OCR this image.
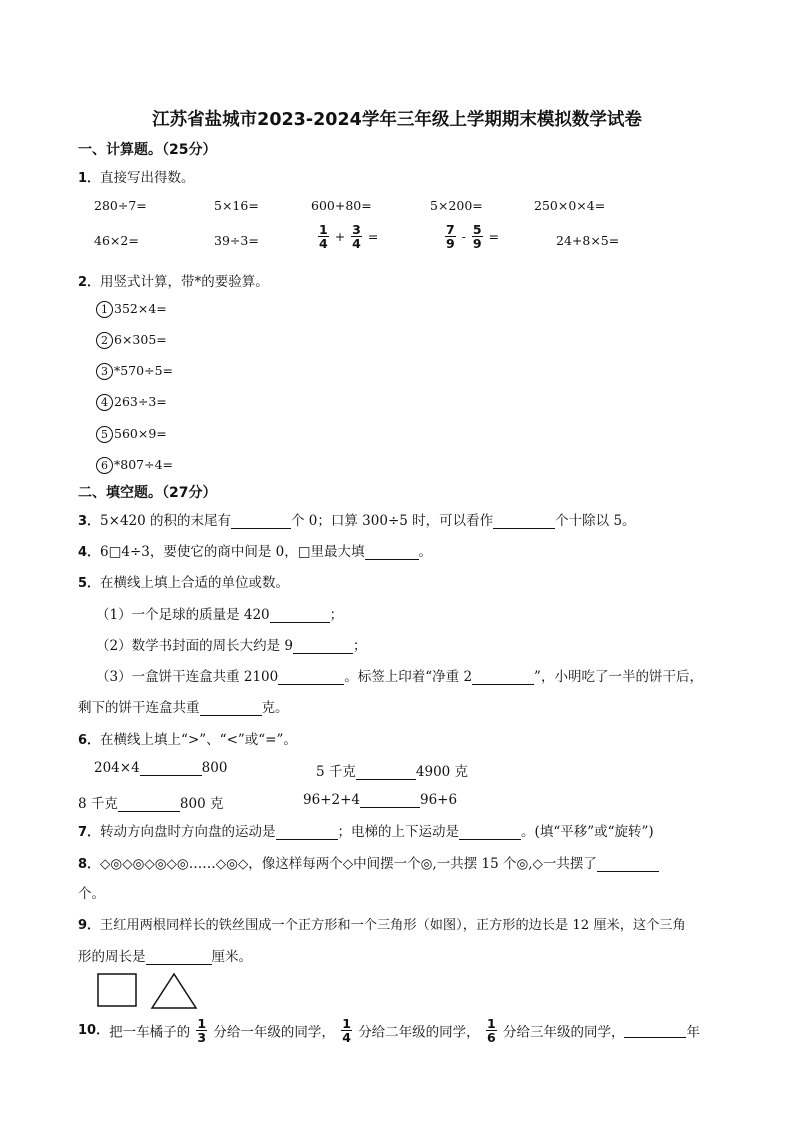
江苏省盐城市2023-2024学年三年级上学期期末模拟数学试卷
一、计算题。（25分）
1．直接写出得数。
280÷7=	5×16=	600+80=	5×200=	250×0×4=
46×2=	39÷3=	$\frac{1}{4} + \frac{3}{4}$ =	$\frac{7}{9} - \frac{5}{9}$ =	24+8×5=
2．用竖式计算，带*的要验算。
1 352×4=
2 6×305=
3 *570÷5=
4 263÷3=
5 560×9=
6 *807÷4=
二、填空题。（27分）
3．5×420 的积的末尾有	个 0；口算 300÷5 时，可以看作	个十除以 5。
4．6□4÷3，要使它的商中间是 0，□里最大填	。
5．在横线上填上合适的单位或数。
（1）一个足球的质量是 420	；
（2）数学书封面的周长大约是 9	；
（3）一盒饼干连盒共重 2100	。标签上印着“净重 2	”，小明吃了一半的饼干后，
剩下的饼干连盒共重	克。
6．在横线上填上“>”、“<”或“=”。
204×4	800	5 千克	4900 克
8 千克	800 克	96+2+4	96+6
7．转动方向盘时方向盘的运动是	；电梯的上下运动是	。(填“平移”或“旋转”)
8．◇◎◇◎◇◎◇◎……◇◎◇，像这样每两个◇中间摆一个◎,一共摆 15 个◎,◇一共摆了
个。
9．王红用两根同样长的铁丝围成一个正方形和一个三角形（如图），正方形的边长是 12 厘米，这个三角
形的周长是	厘米。
10．把一车橘子的 $\frac{1}{3}$ 分给一年级的同学， $\frac{1}{4}$ 分给二年级的同学， $\frac{1}{6}$ 分给三年级的同学，	年
